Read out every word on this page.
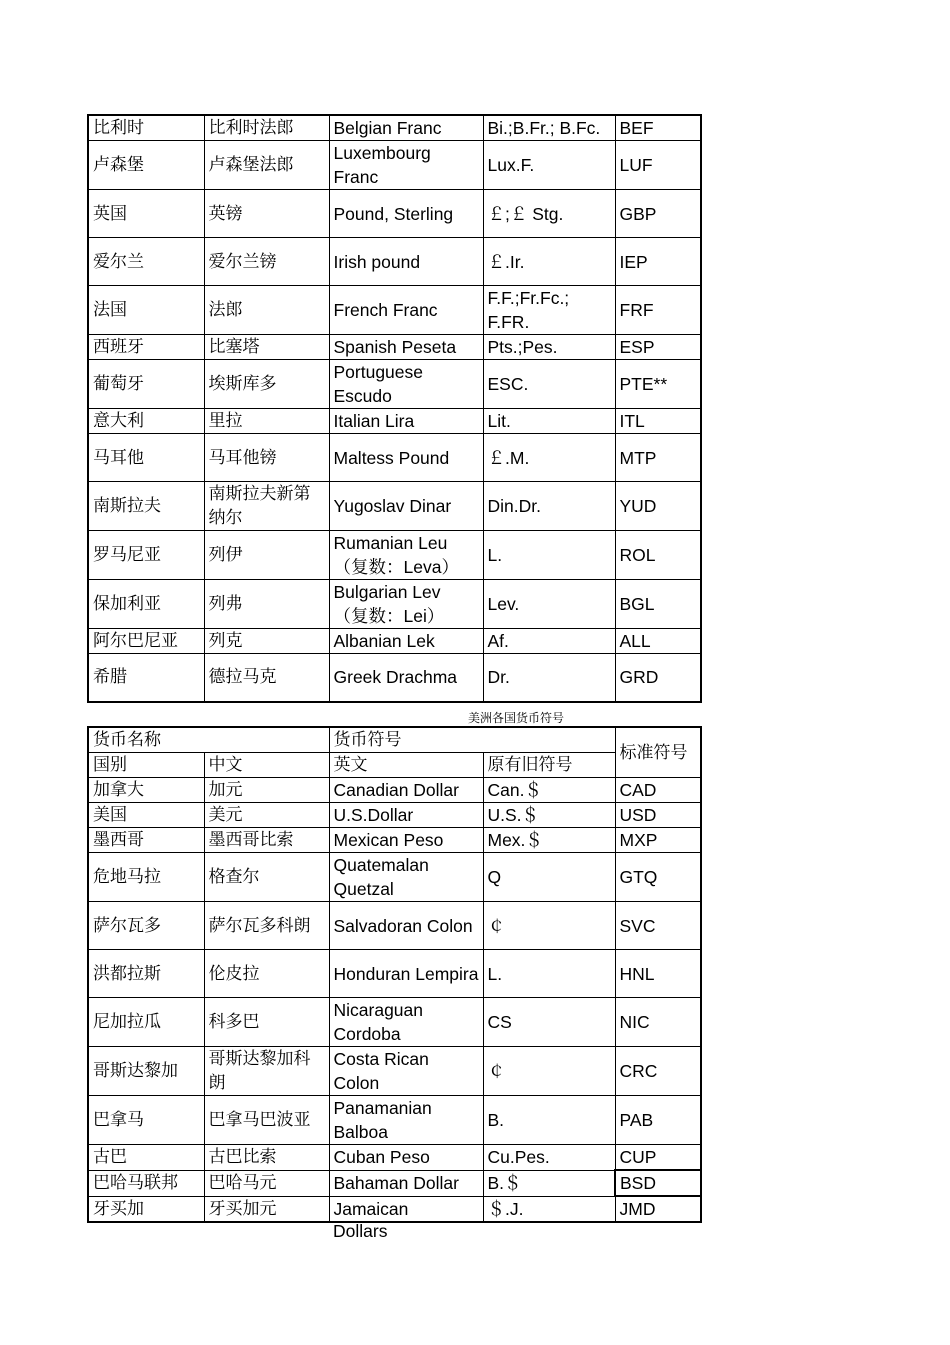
比利时	比利时法郎	Belgian Franc	Bi.;B.Fr.; B.Fc.	BEF
卢森堡	卢森堡法郎	Luxembourg Franc	Lux.F.	LUF
英国	英镑	Pound, Sterling	￡;￡ Stg.	GBP
爱尔兰	爱尔兰镑	Irish pound	￡.Ir.	IEP
法国	法郎	French Franc	F.F.;Fr.Fc.; F.FR.	FRF
西班牙	比塞塔	Spanish Peseta	Pts.;Pes.	ESP
葡萄牙	埃斯库多	Portuguese Escudo	ESC.	PTE**
意大利	里拉	Italian Lira	Lit.	ITL
马耳他	马耳他镑	Maltess Pound	￡.M.	MTP
南斯拉夫	南斯拉夫新第纳尔	Yugoslav Dinar	Din.Dr.	YUD
罗马尼亚	列伊	Rumanian Leu （复数：Leva）	L.	ROL
保加利亚	列弗	Bulgarian Lev （复数：Lei）	Lev.	BGL
阿尔巴尼亚	列克	Albanian Lek	Af.	ALL
希腊	德拉马克	Greek Drachma	Dr.	GRD
美洲各国货币符号
货币名称		货币符号		标准符号
国别	中文	英文	原有旧符号	
加拿大	加元	Canadian Dollar	Can.＄	CAD
美国	美元	U.S.Dollar	U.S.＄	USD
墨西哥	墨西哥比索	Mexican Peso	Mex.＄	MXP
危地马拉	格查尔	Quatemalan Quetzal	Q	GTQ
萨尔瓦多	萨尔瓦多科朗	Salvadoran Colon	￠	SVC
洪都拉斯	伦皮拉	Honduran Lempira	L.	HNL
尼加拉瓜	科多巴	Nicaraguan Cordoba	CS	NIC
哥斯达黎加	哥斯达黎加科朗	Costa Rican Colon	￠	CRC
巴拿马	巴拿马巴波亚	Panamanian Balboa	B.	PAB
古巴	古巴比索	Cuban Peso	Cu.Pes.	CUP
巴哈马联邦	巴哈马元	Bahaman Dollar	B.＄	BSD
牙买加	牙买加元	Jamaican	＄.J.	JMD
Dollars
